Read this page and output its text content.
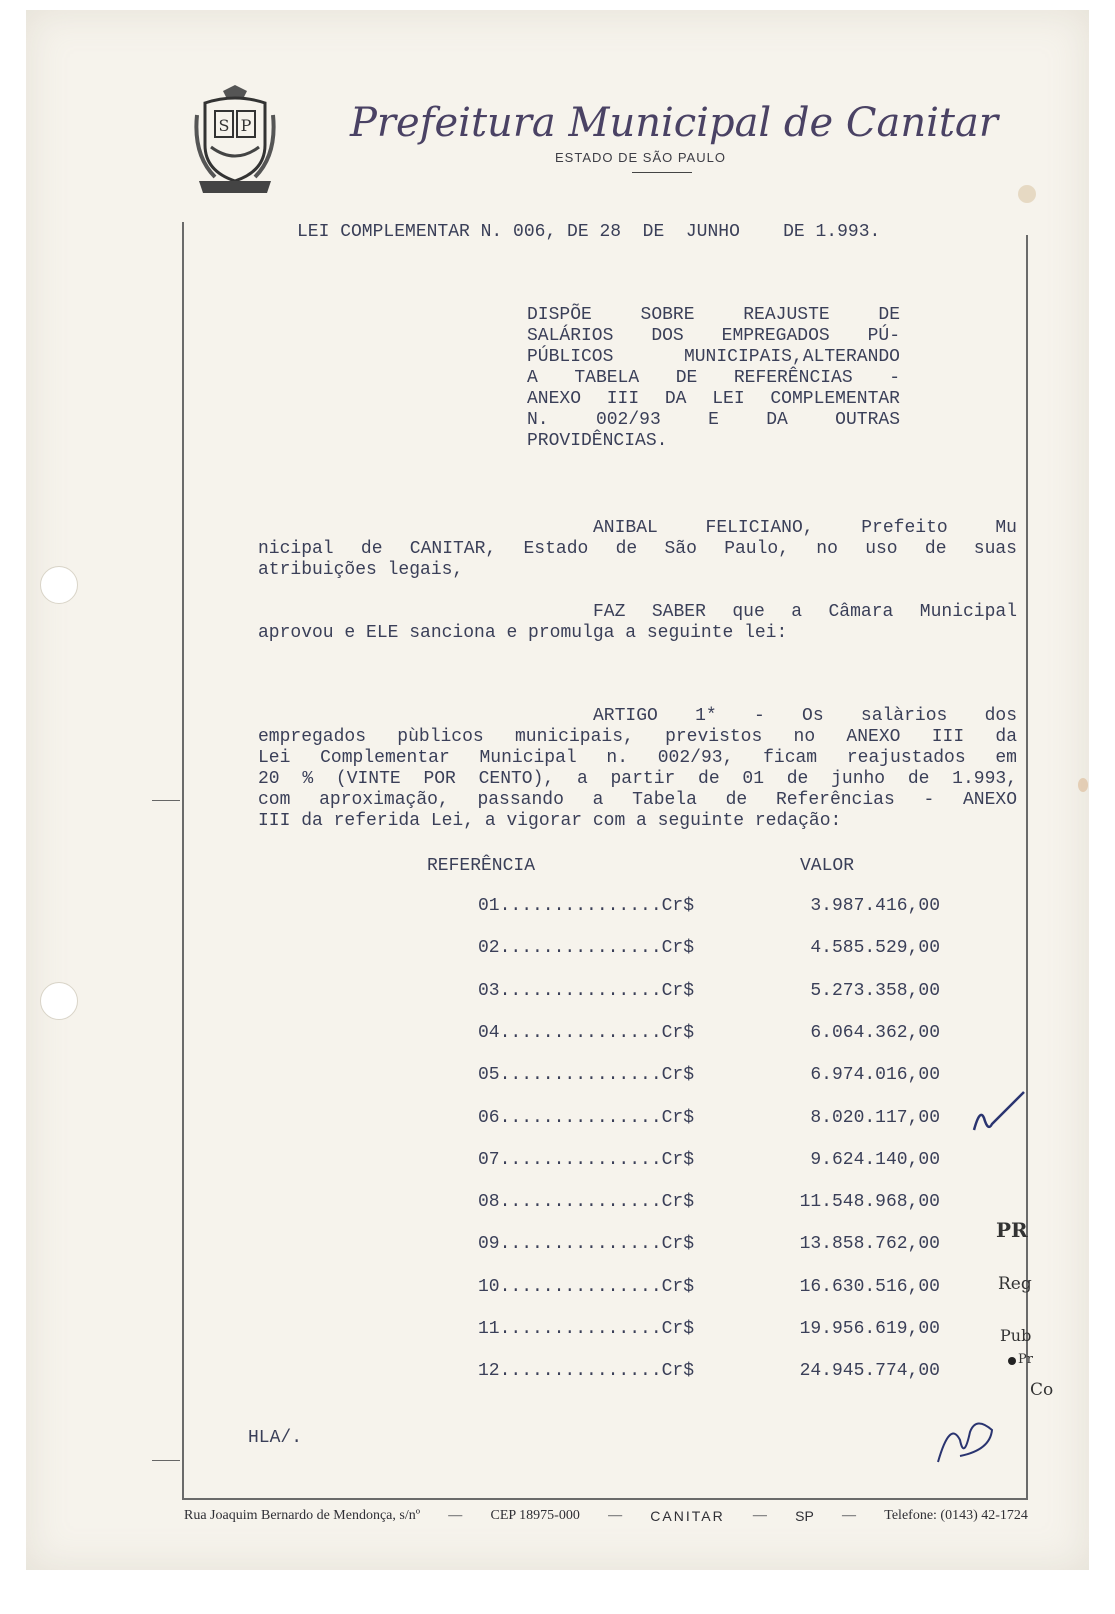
S P Prefeitura Municipal de Canitar
ESTADO DE SÃO PAULO
LEI COMPLEMENTAR N. 006, DE 28  DE  JUNHO    DE 1.993.
DISPÕE SOBRE REAJUSTE DE
SALÁRIOS DOS EMPREGADOS PÚ-
PÚBLICOS MUNICIPAIS,ALTERANDO
A TABELA DE REFERÊNCIAS -
ANEXO III DA LEI COMPLEMENTAR
N. 002/93 E DA OUTRAS
PROVIDÊNCIAS.
ANIBAL FELICIANO, Prefeito Mu
nicipal de CANITAR, Estado de São Paulo, no uso de suas
atribuições legais,
FAZ SABER que a Câmara Municipal
aprovou e ELE sanciona e promulga a seguinte lei:
ARTIGO 1* - Os salàrios dos
empregados pùblicos municipais, previstos no ANEXO III da
Lei Complementar Municipal n. 002/93, ficam reajustados em
20 % (VINTE POR CENTO), a partir de 01 de junho de 1.993,
com aproximação, passando a Tabela de Referências - ANEXO
III da referida Lei, a vigorar com a seguinte redação:
REFERÊNCIA	VALOR
01...............Cr$	3.987.416,00
02...............Cr$	4.585.529,00
03...............Cr$	5.273.358,00
04...............Cr$	6.064.362,00
05...............Cr$	6.974.016,00
06...............Cr$	8.020.117,00
07...............Cr$	9.624.140,00
08...............Cr$	11.548.968,00
09...............Cr$	13.858.762,00
10...............Cr$	16.630.516,00
11...............Cr$	19.956.619,00
12...............Cr$	24.945.774,00
HLA/.
PR
Reg
Pub
Pr
Co
Rua Joaquim Bernardo de Mendonça, s/nº — CEP 18975-000 — CANITAR — SP — Telefone: (0143) 42-1724
